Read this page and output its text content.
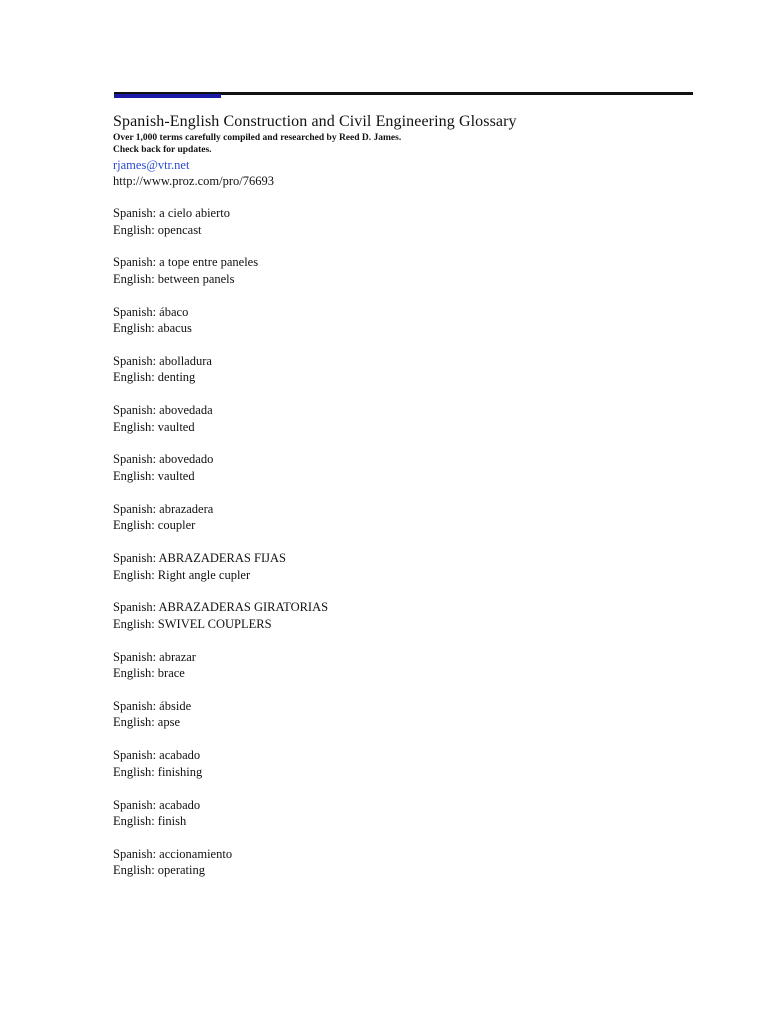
Spanish-English Construction and Civil Engineering Glossary

Over 1,000 terms carefully compiled and researched by Reed D. James.

Check back for updates.

rjames@vtr.net
http://www.proz.com/pro/76693
Spanish: a cielo abierto
English: opencast
Spanish: a tope entre paneles
English: between panels
Spanish: ábaco
English: abacus
Spanish: abolladura
English: denting
Spanish: abovedada
English: vaulted
Spanish: abovedado
English: vaulted
Spanish: abrazadera
English: coupler
Spanish: ABRAZADERAS FIJAS
English: Right angle cupler
Spanish: ABRAZADERAS GIRATORIAS
English: SWIVEL COUPLERS
Spanish: abrazar
English: brace
Spanish: ábside
English: apse
Spanish: acabado
English: finishing
Spanish: acabado
English: finish
Spanish: accionamiento
English: operating
